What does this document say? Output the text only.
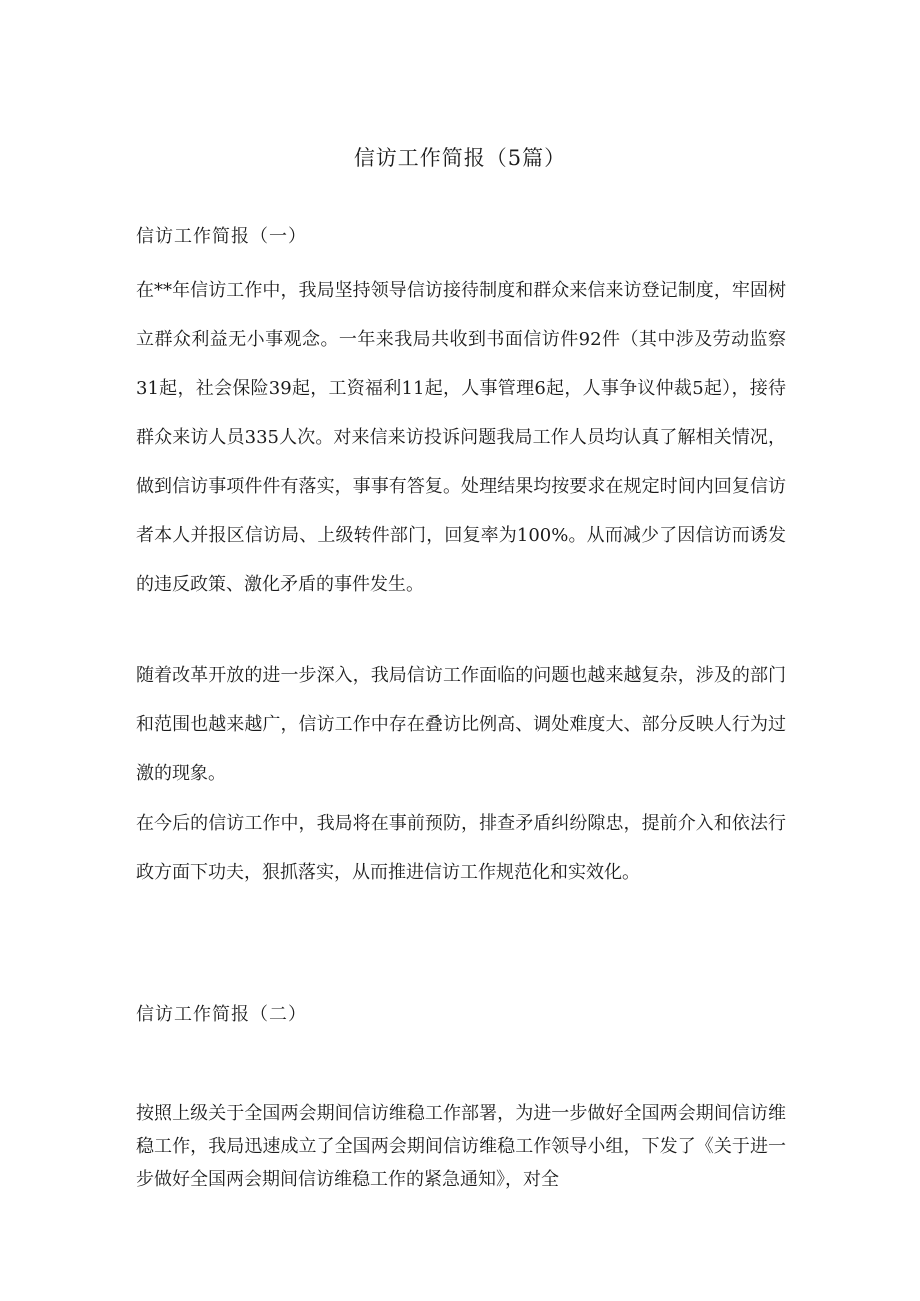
信访工作简报（5篇）
信访工作简报（一）

在**年信访工作中，我局坚持领导信访接待制度和群众来信来访登记制度，牢固树立群众利益无小事观念。一年来我局共收到书面信访件92件（其中涉及劳动监察31起，社会保险39起，工资福利11起，人事管理6起，人事争议仲裁5起），接待群众来访人员335人次。对来信来访投诉问题我局工作人员均认真了解相关情况，做到信访事项件件有落实，事事有答复。处理结果均按要求在规定时间内回复信访者本人并报区信访局、上级转件部门，回复率为100%。从而减少了因信访而诱发的违反政策、激化矛盾的事件发生。

随着改革开放的进一步深入，我局信访工作面临的问题也越来越复杂，涉及的部门和范围也越来越广，信访工作中存在叠访比例高、调处难度大、部分反映人行为过激的现象。

在今后的信访工作中，我局将在事前预防，排查矛盾纠纷隙忠，提前介入和依法行政方面下功夫，狠抓落实，从而推进信访工作规范化和实效化。

信访工作简报（二）

按照上级关于全国两会期间信访维稳工作部署，为进一步做好全国两会期间信访维稳工作，我局迅速成立了全国两会期间信访维稳工作领导小组，下发了《关于进一步做好全国两会期间信访维稳工作的紧急通知》，对全
